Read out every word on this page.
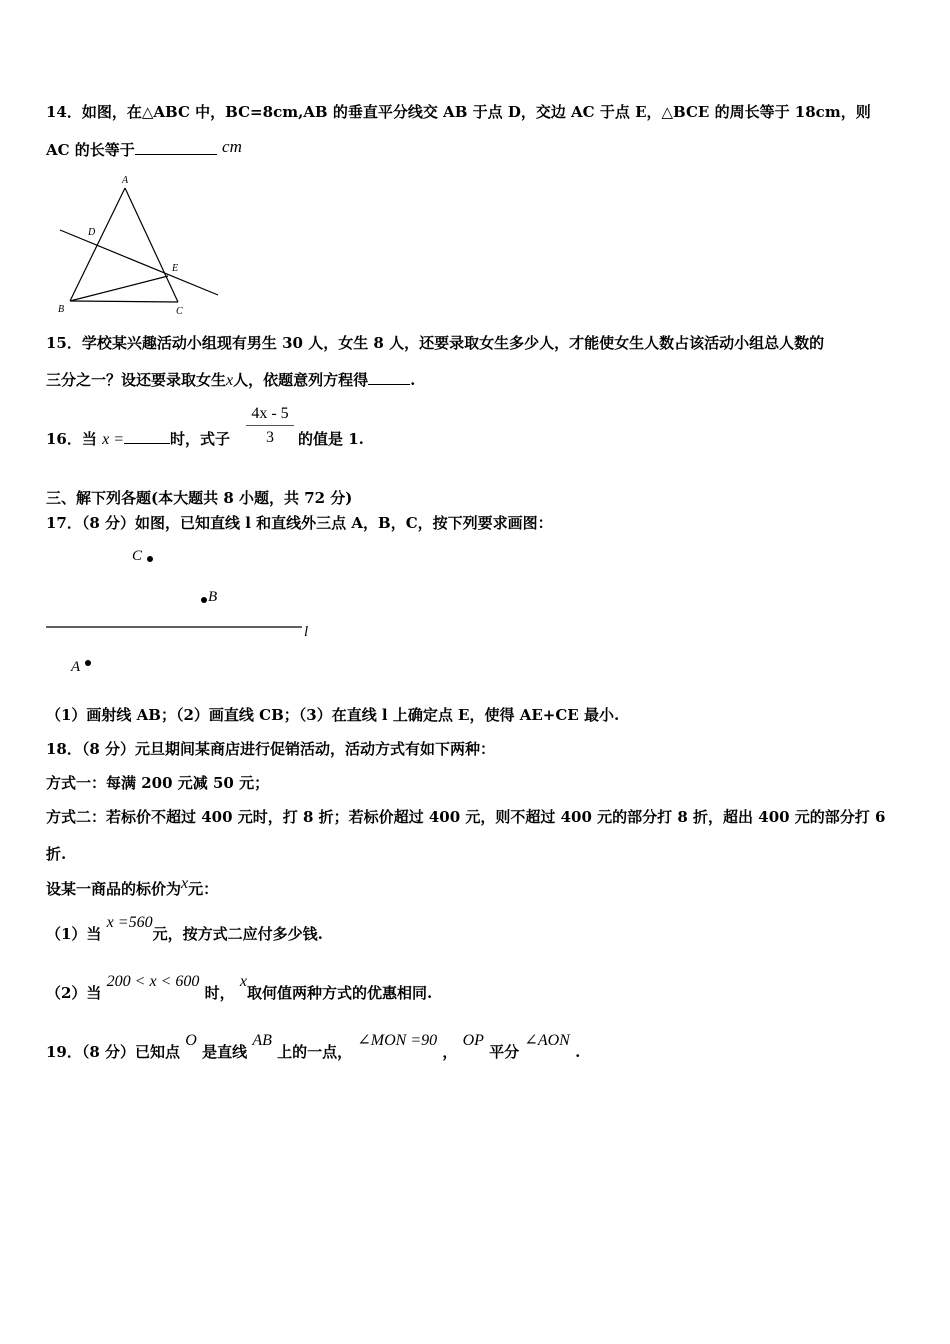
14．如图，在△ABC 中，BC=8cm,AB 的垂直平分线交 AB 于点 D，交边 AC 于点 E，△BCE 的周长等于 18cm，则
AC 的长等于	cm
A
D
E
B	C
15．学校某兴趣活动小组现有男生 30 人，女生 8 人，还要录取女生多少人，才能使女生人数占该活动小组总人数的
三分之一？设还要录取女生x人，依题意列方程得	.
16．当 x =	时，式子
4x - 5
3	的值是 1.
三、解下列各题(本大题共 8 小题，共 72 分)
17．（8 分）如图，已知直线 l 和直线外三点 A，B，C，按下列要求画图：
C
B
l
A
（1）画射线 AB；（2）画直线 CB；（3）在直线 l 上确定点 E，使得 AE+CE 最小.
18．（8 分）元旦期间某商店进行促销活动，活动方式有如下两种：
方式一：每满 200 元减 50 元；
方式二：若标价不超过 400 元时，打 8 折；若标价超过 400 元，则不超过 400 元的部分打 8 折，超出 400 元的部分打 6
折.
设某一商品的标价为x元：
（1）当 x =560元，按方式二应付多少钱.
（2）当 200 < x < 600 时， x取何值两种方式的优惠相同.
19．（8 分）已知点 O 是直线 AB 上的一点， ∠MON =90 ， OP 平分 ∠AON .
